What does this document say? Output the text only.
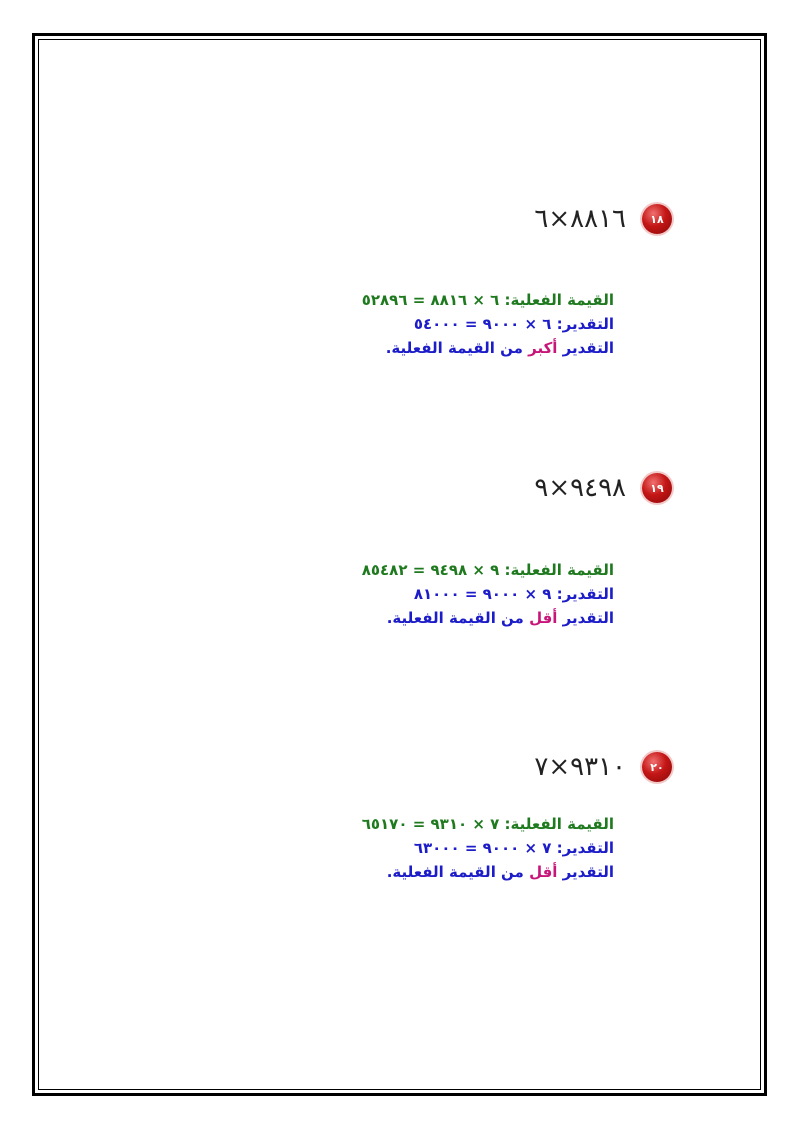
١٨
٨٨١٦×٦
القيمة الفعلية: ٦ × ٨٨١٦ = ٥٢٨٩٦
التقدير: ٦ × ٩٠٠٠ = ٥٤٠٠٠
التقدير أكبر من القيمة الفعلية.
١٩
٩٤٩٨×٩
القيمة الفعلية: ٩ × ٩٤٩٨ = ٨٥٤٨٢
التقدير: ٩ × ٩٠٠٠ = ٨١٠٠٠
التقدير أقل من القيمة الفعلية.
٢٠
٩٣١٠×٧
القيمة الفعلية: ٧ × ٩٣١٠ = ٦٥١٧٠
التقدير: ٧ × ٩٠٠٠ = ٦٣٠٠٠
التقدير أقل من القيمة الفعلية.
